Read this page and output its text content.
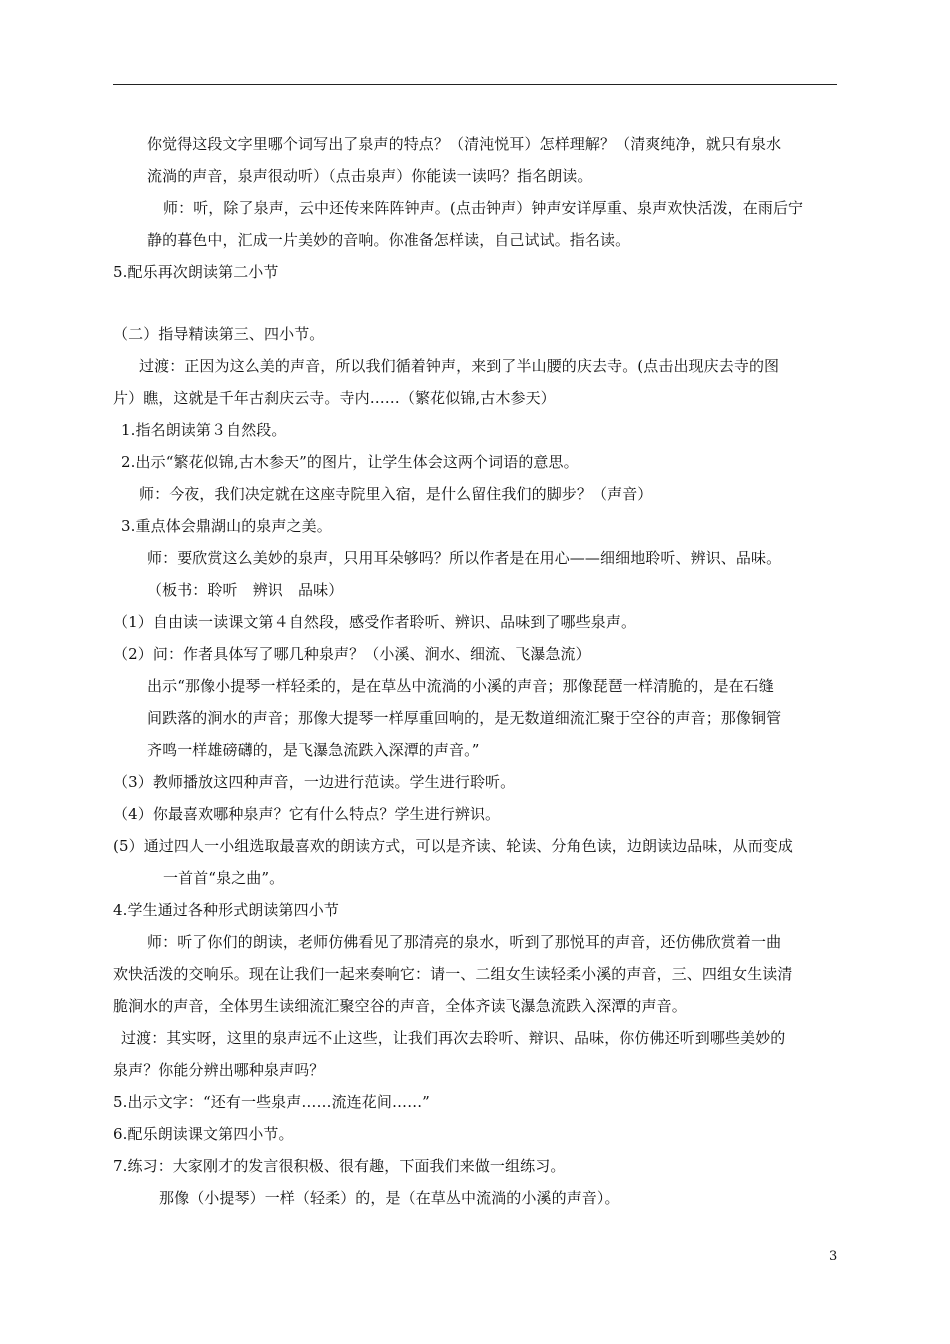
你觉得这段文字里哪个词写出了泉声的特点？（清沌悦耳）怎样理解？（清爽纯净，就只有泉水
流淌的声音，泉声很动听）（点击泉声）你能读一读吗？指名朗读。
师：听，除了泉声，云中还传来阵阵钟声。(点击钟声）钟声安详厚重、泉声欢快活泼，在雨后宁
静的暮色中，汇成一片美妙的音响。你准备怎样读，自己试试。指名读。
5.配乐再次朗读第二小节
（二）指导精读第三、四小节。
过渡：正因为这么美的声音，所以我们循着钟声，来到了半山腰的庆去寺。(点击出现庆去寺的图
片）瞧，这就是千年古刹庆云寺。寺内……（繁花似锦,古木参天）
1.指名朗读第３自然段。
2.出示“繁花似锦,古木参天”的图片，让学生体会这两个词语的意思。
师：今夜，我们决定就在这座寺院里入宿，是什么留住我们的脚步？（声音）
3.重点体会鼎湖山的泉声之美。
师：要欣赏这么美妙的泉声，只用耳朵够吗？所以作者是在用心——细细地聆听、辨识、品味。
（板书：聆听　辨识　品味）
（1）自由读一读课文第４自然段，感受作者聆听、辨识、品味到了哪些泉声。
（2）问：作者具体写了哪几种泉声？（小溪、涧水、细流、飞瀑急流）
出示“那像小提琴一样轻柔的，是在草丛中流淌的小溪的声音；那像琵琶一样清脆的，是在石缝
间跌落的涧水的声音；那像大提琴一样厚重回响的，是无数道细流汇聚于空谷的声音；那像铜管
齐鸣一样雄磅礴的，是飞瀑急流跌入深潭的声音。”
（3）教师播放这四种声音，一边进行范读。学生进行聆听。
（4）你最喜欢哪种泉声？它有什么特点？学生进行辨识。
(5）通过四人一小组选取最喜欢的朗读方式，可以是齐读、轮读、分角色读，边朗读边品味，从而变成
一首首“泉之曲”。
4.学生通过各种形式朗读第四小节
师：听了你们的朗读，老师仿佛看见了那清亮的泉水，听到了那悦耳的声音，还仿佛欣赏着一曲
欢快活泼的交响乐。现在让我们一起来奏响它：请一、二组女生读轻柔小溪的声音，三、四组女生读清
脆涧水的声音，全体男生读细流汇聚空谷的声音，全体齐读飞瀑急流跌入深潭的声音。
过渡：其实呀，这里的泉声远不止这些，让我们再次去聆听、辩识、品味，你仿佛还听到哪些美妙的
泉声？你能分辨出哪种泉声吗？
5.出示文字：“还有一些泉声……流连花间……”
6.配乐朗读课文第四小节。
7.练习：大家刚才的发言很积极、很有趣，下面我们来做一组练习。
那像（小提琴）一样（轻柔）的，是（在草丛中流淌的小溪的声音）。
3
